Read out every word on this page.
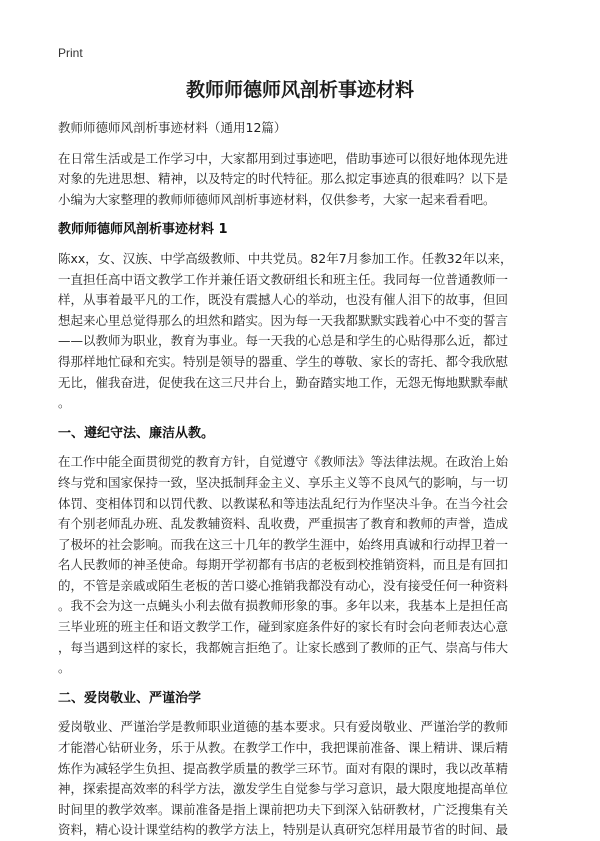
Print
教师师德师风剖析事迹材料
教师师德师风剖析事迹材料（通用12篇）
在日常生活或是工作学习中，大家都用到过事迹吧，借助事迹可以很好地体现先进
对象的先进思想、精神，以及特定的时代特征。那么拟定事迹真的很难吗？以下是
小编为大家整理的教师师德师风剖析事迹材料，仅供参考，大家一起来看看吧。
教师师德师风剖析事迹材料 1
陈xx，女、汉族、中学高级教师、中共党员。82年7月参加工作。任教32年以来，
一直担任高中语文教学工作并兼任语文教研组长和班主任。我同每一位普通教师一
样，从事着最平凡的工作，既没有震撼人心的举动，也没有催人泪下的故事，但回
想起来心里总觉得那么的坦然和踏实。因为每一天我都默默实践着心中不变的誓言
——以教师为职业，教育为事业。每一天我的心总是和学生的心贴得那么近，都过
得那样地忙碌和充实。特别是领导的器重、学生的尊敬、家长的寄托、都令我欣慰
无比，催我奋进，促使我在这三尺井台上，勤奋踏实地工作，无怨无悔地默默奉献
。
一、遵纪守法、廉洁从教。
在工作中能全面贯彻党的教育方针，自觉遵守《教师法》等法律法规。在政治上始
终与党和国家保持一致，坚决抵制拜金主义、享乐主义等不良风气的影响，与一切
体罚、变相体罚和以罚代教、以教谋私和等违法乱纪行为作坚决斗争。在当今社会
有个别老师乱办班、乱发教辅资料、乱收费，严重损害了教育和教师的声誉，造成
了极坏的社会影响。而我在这三十几年的教学生涯中，始终用真诚和行动捍卫着一
名人民教师的神圣使命。每期开学初都有书店的老板到校推销资料，而且是有回扣
的，不管是亲戚或陌生老板的苦口婆心推销我都没有动心，没有接受任何一种资料
。我不会为这一点蝇头小利去做有损教师形象的事。多年以来，我基本上是担任高
三毕业班的班主任和语文教学工作，碰到家庭条件好的家长有时会向老师表达心意
，每当遇到这样的家长，我都婉言拒绝了。让家长感到了教师的正气、崇高与伟大
。
二、爱岗敬业、严谨治学
爱岗敬业、严谨治学是教师职业道德的基本要求。只有爱岗敬业、严谨治学的教师
才能潜心钻研业务，乐于从教。在教学工作中，我把课前准备、课上精讲、课后精
炼作为减轻学生负担、提高教学质量的教学三环节。面对有限的课时，我以改革精
神，探索提高效率的科学方法，激发学生自觉参与学习意识，最大限度地提高单位
时间里的教学效率。课前准备是指上课前把功夫下到深入钻研教材，广泛搜集有关
资料，精心设计课堂结构的教学方法上，特别是认真研究怎样用最节省的时间、最
